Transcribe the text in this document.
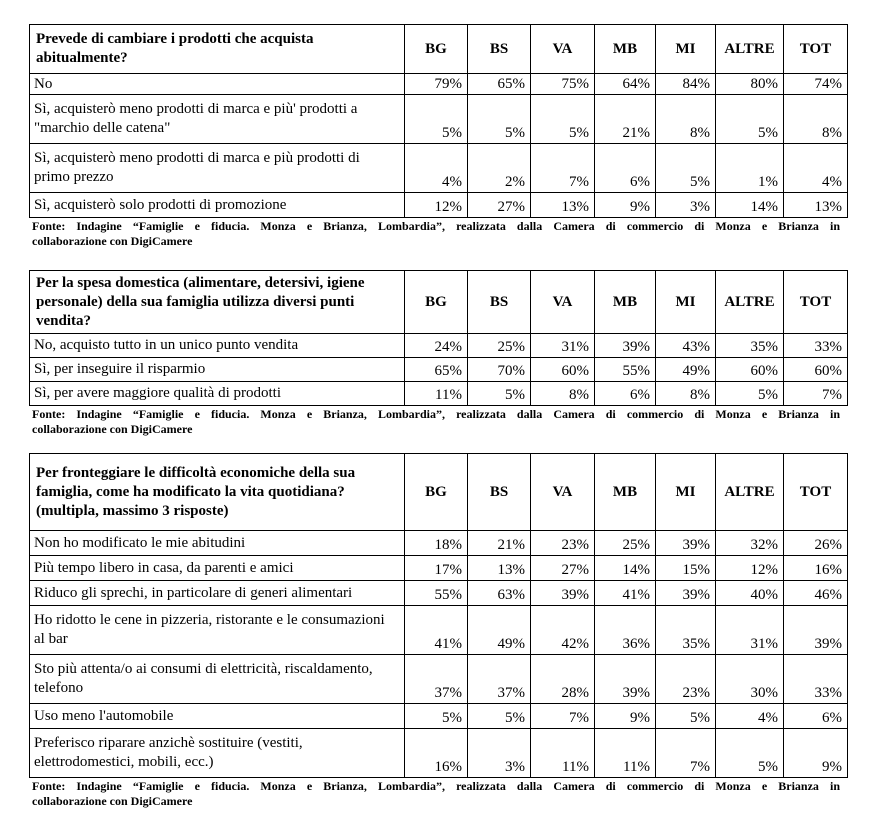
Prevede di cambiare i prodotti che acquista abitualmente?	BG	BS	VA	MB	MI	ALTRE	TOT
No	79%	65%	75%	64%	84%	80%	74%
Sì, acquisterò meno prodotti di marca e più' prodotti a "marchio delle catena"	5%	5%	5%	21%	8%	5%	8%
Sì, acquisterò meno prodotti di marca e più prodotti di primo prezzo	4%	2%	7%	6%	5%	1%	4%
Sì, acquisterò solo prodotti di promozione	12%	27%	13%	9%	3%	14%	13%
Fonte: Indagine “Famiglie e fiducia. Monza e Brianza, Lombardia”, realizzata dalla Camera di commercio di Monza e Brianza in
collaborazione con DigiCamere
Per la spesa domestica (alimentare, detersivi, igiene personale) della sua famiglia utilizza diversi punti vendita?	BG	BS	VA	MB	MI	ALTRE	TOT
No, acquisto tutto in un unico punto vendita	24%	25%	31%	39%	43%	35%	33%
Sì, per inseguire il risparmio	65%	70%	60%	55%	49%	60%	60%
Sì, per avere maggiore qualità di prodotti	11%	5%	8%	6%	8%	5%	7%
Fonte: Indagine “Famiglie e fiducia. Monza e Brianza, Lombardia”, realizzata dalla Camera di commercio di Monza e Brianza in
collaborazione con DigiCamere
Per fronteggiare le difficoltà economiche della sua famiglia, come ha modificato la vita quotidiana? (multipla, massimo 3 risposte)	BG	BS	VA	MB	MI	ALTRE	TOT
Non ho modificato le mie abitudini	18%	21%	23%	25%	39%	32%	26%
Più tempo libero in casa, da parenti e amici	17%	13%	27%	14%	15%	12%	16%
Riduco gli sprechi, in particolare di generi alimentari	55%	63%	39%	41%	39%	40%	46%
Ho ridotto le cene in pizzeria, ristorante e le consumazioni al bar	41%	49%	42%	36%	35%	31%	39%
Sto più attenta/o ai consumi di elettricità, riscaldamento, telefono	37%	37%	28%	39%	23%	30%	33%
Uso meno l'automobile	5%	5%	7%	9%	5%	4%	6%
Preferisco riparare anzichè sostituire (vestiti, elettrodomestici, mobili, ecc.)	16%	3%	11%	11%	7%	5%	9%
Fonte: Indagine “Famiglie e fiducia. Monza e Brianza, Lombardia”, realizzata dalla Camera di commercio di Monza e Brianza in
collaborazione con DigiCamere
